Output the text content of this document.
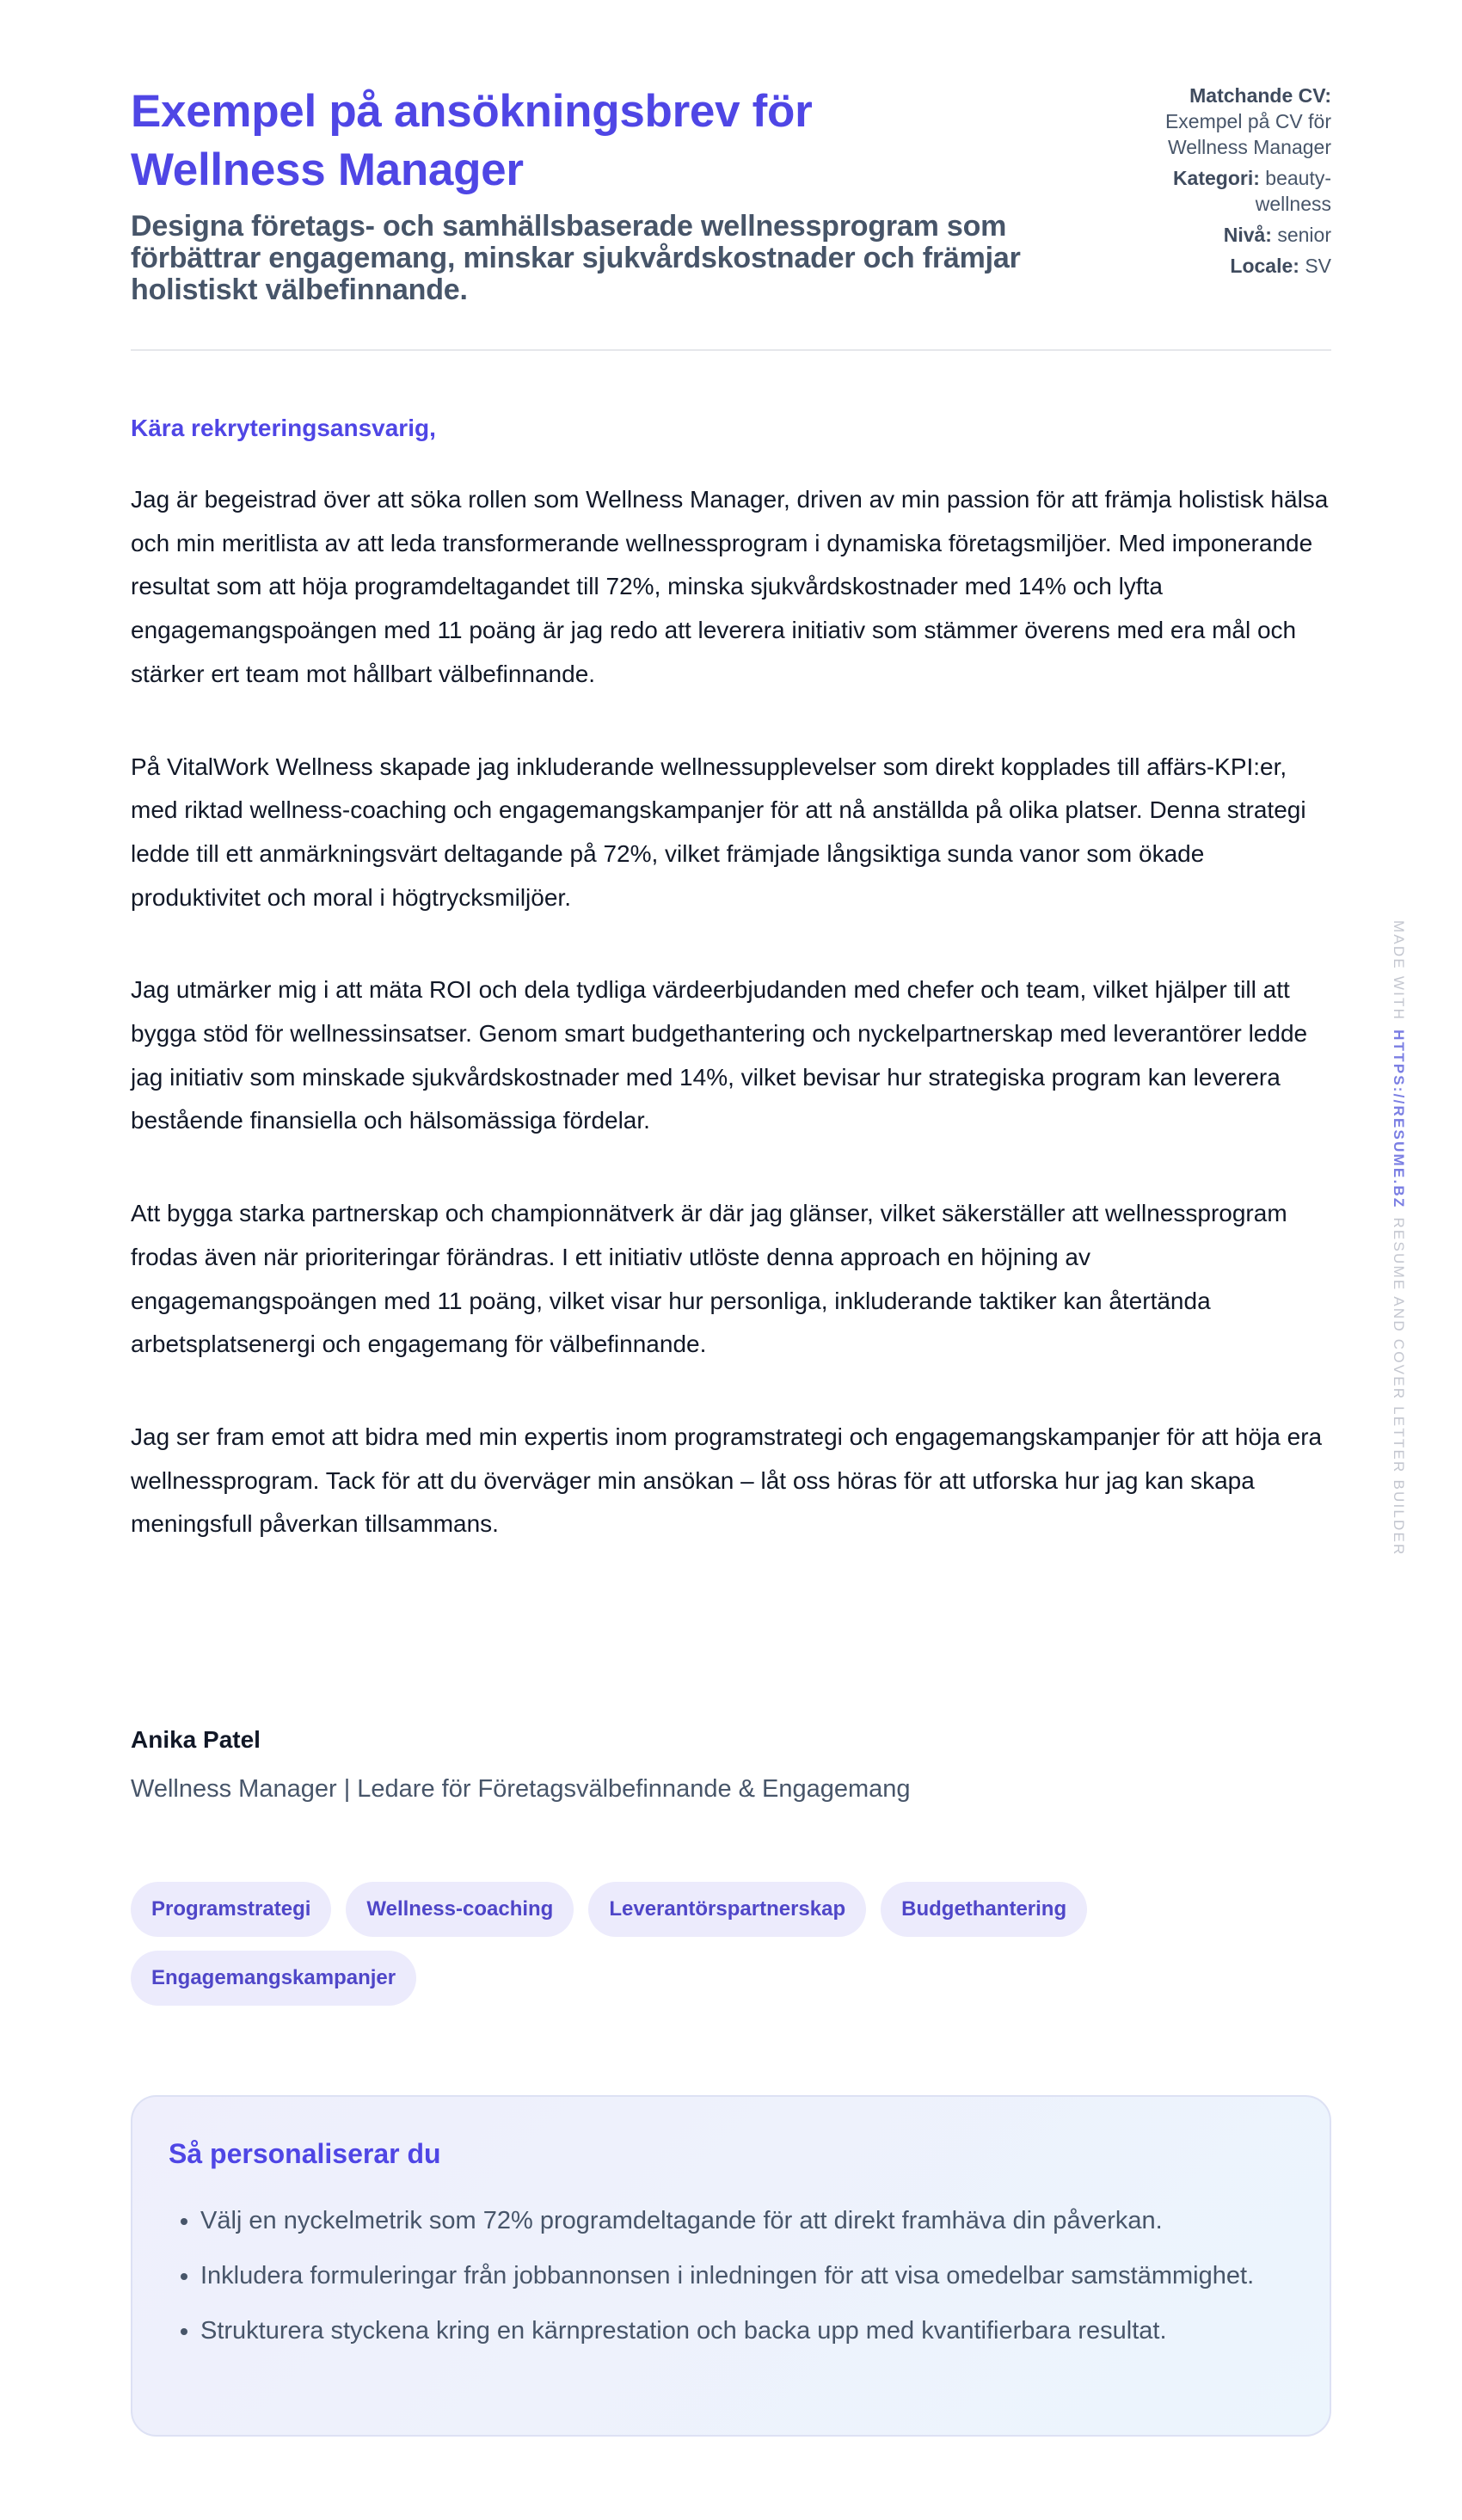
Exempel på ansökningsbrev för Wellness Manager
Designa företags- och samhällsbaserade wellnessprogram som förbättrar engagemang, minskar sjukvårdskostnader och främjar holistiskt välbefinnande.
Matchande CV: Exempel på CV för Wellness Manager
Kategori: beauty-wellness
Nivå: senior
Locale: SV

Kära rekryteringsansvarig,

Jag är begeistrad över att söka rollen som Wellness Manager, driven av min passion för att främja holistisk hälsa och min meritlista av att leda transformerande wellnessprogram i dynamiska företagsmiljöer. Med imponerande resultat som att höja programdeltagandet till 72%, minska sjukvårdskostnader med 14% och lyfta engagemangspoängen med 11 poäng är jag redo att leverera initiativ som stämmer överens med era mål och stärker ert team mot hållbart välbefinnande.

På VitalWork Wellness skapade jag inkluderande wellnessupplevelser som direkt kopplades till affärs-KPI:er, med riktad wellness-coaching och engagemangskampanjer för att nå anställda på olika platser. Denna strategi ledde till ett anmärkningsvärt deltagande på 72%, vilket främjade långsiktiga sunda vanor som ökade produktivitet och moral i högtrycksmiljöer.

Jag utmärker mig i att mäta ROI och dela tydliga värdeerbjudanden med chefer och team, vilket hjälper till att bygga stöd för wellnessinsatser. Genom smart budgethantering och nyckelpartnerskap med leverantörer ledde jag initiativ som minskade sjukvårdskostnader med 14%, vilket bevisar hur strategiska program kan leverera bestående finansiella och hälsomässiga fördelar.

Att bygga starka partnerskap och championnätverk är där jag glänser, vilket säkerställer att wellnessprogram frodas även när prioriteringar förändras. I ett initiativ utlöste denna approach en höjning av engagemangspoängen med 11 poäng, vilket visar hur personliga, inkluderande taktiker kan återtända arbetsplatsenergi och engagemang för välbefinnande.

Jag ser fram emot att bidra med min expertis inom programstrategi och engagemangskampanjer för att höja era wellnessprogram. Tack för att du överväger min ansökan – låt oss höras för att utforska hur jag kan skapa meningsfull påverkan tillsammans.

Anika Patel

Wellness Manager | Ledare för Företagsvälbefinnande & Engagemang

Programstrategi	Wellness-coaching	Leverantörspartnerskap	Budgethantering
Engagemangskampanjer
Så personaliserar du
• Välj en nyckelmetrik som 72% programdeltagande för att direkt framhäva din påverkan.
• Inkludera formuleringar från jobbannonsen i inledningen för att visa omedelbar samstämmighet.
• Strukturera styckena kring en kärnprestation och backa upp med kvantifierbara resultat.
MADE WITHHTTPS://RESUME.BZRESUME AND COVER LETTER BUILDER
